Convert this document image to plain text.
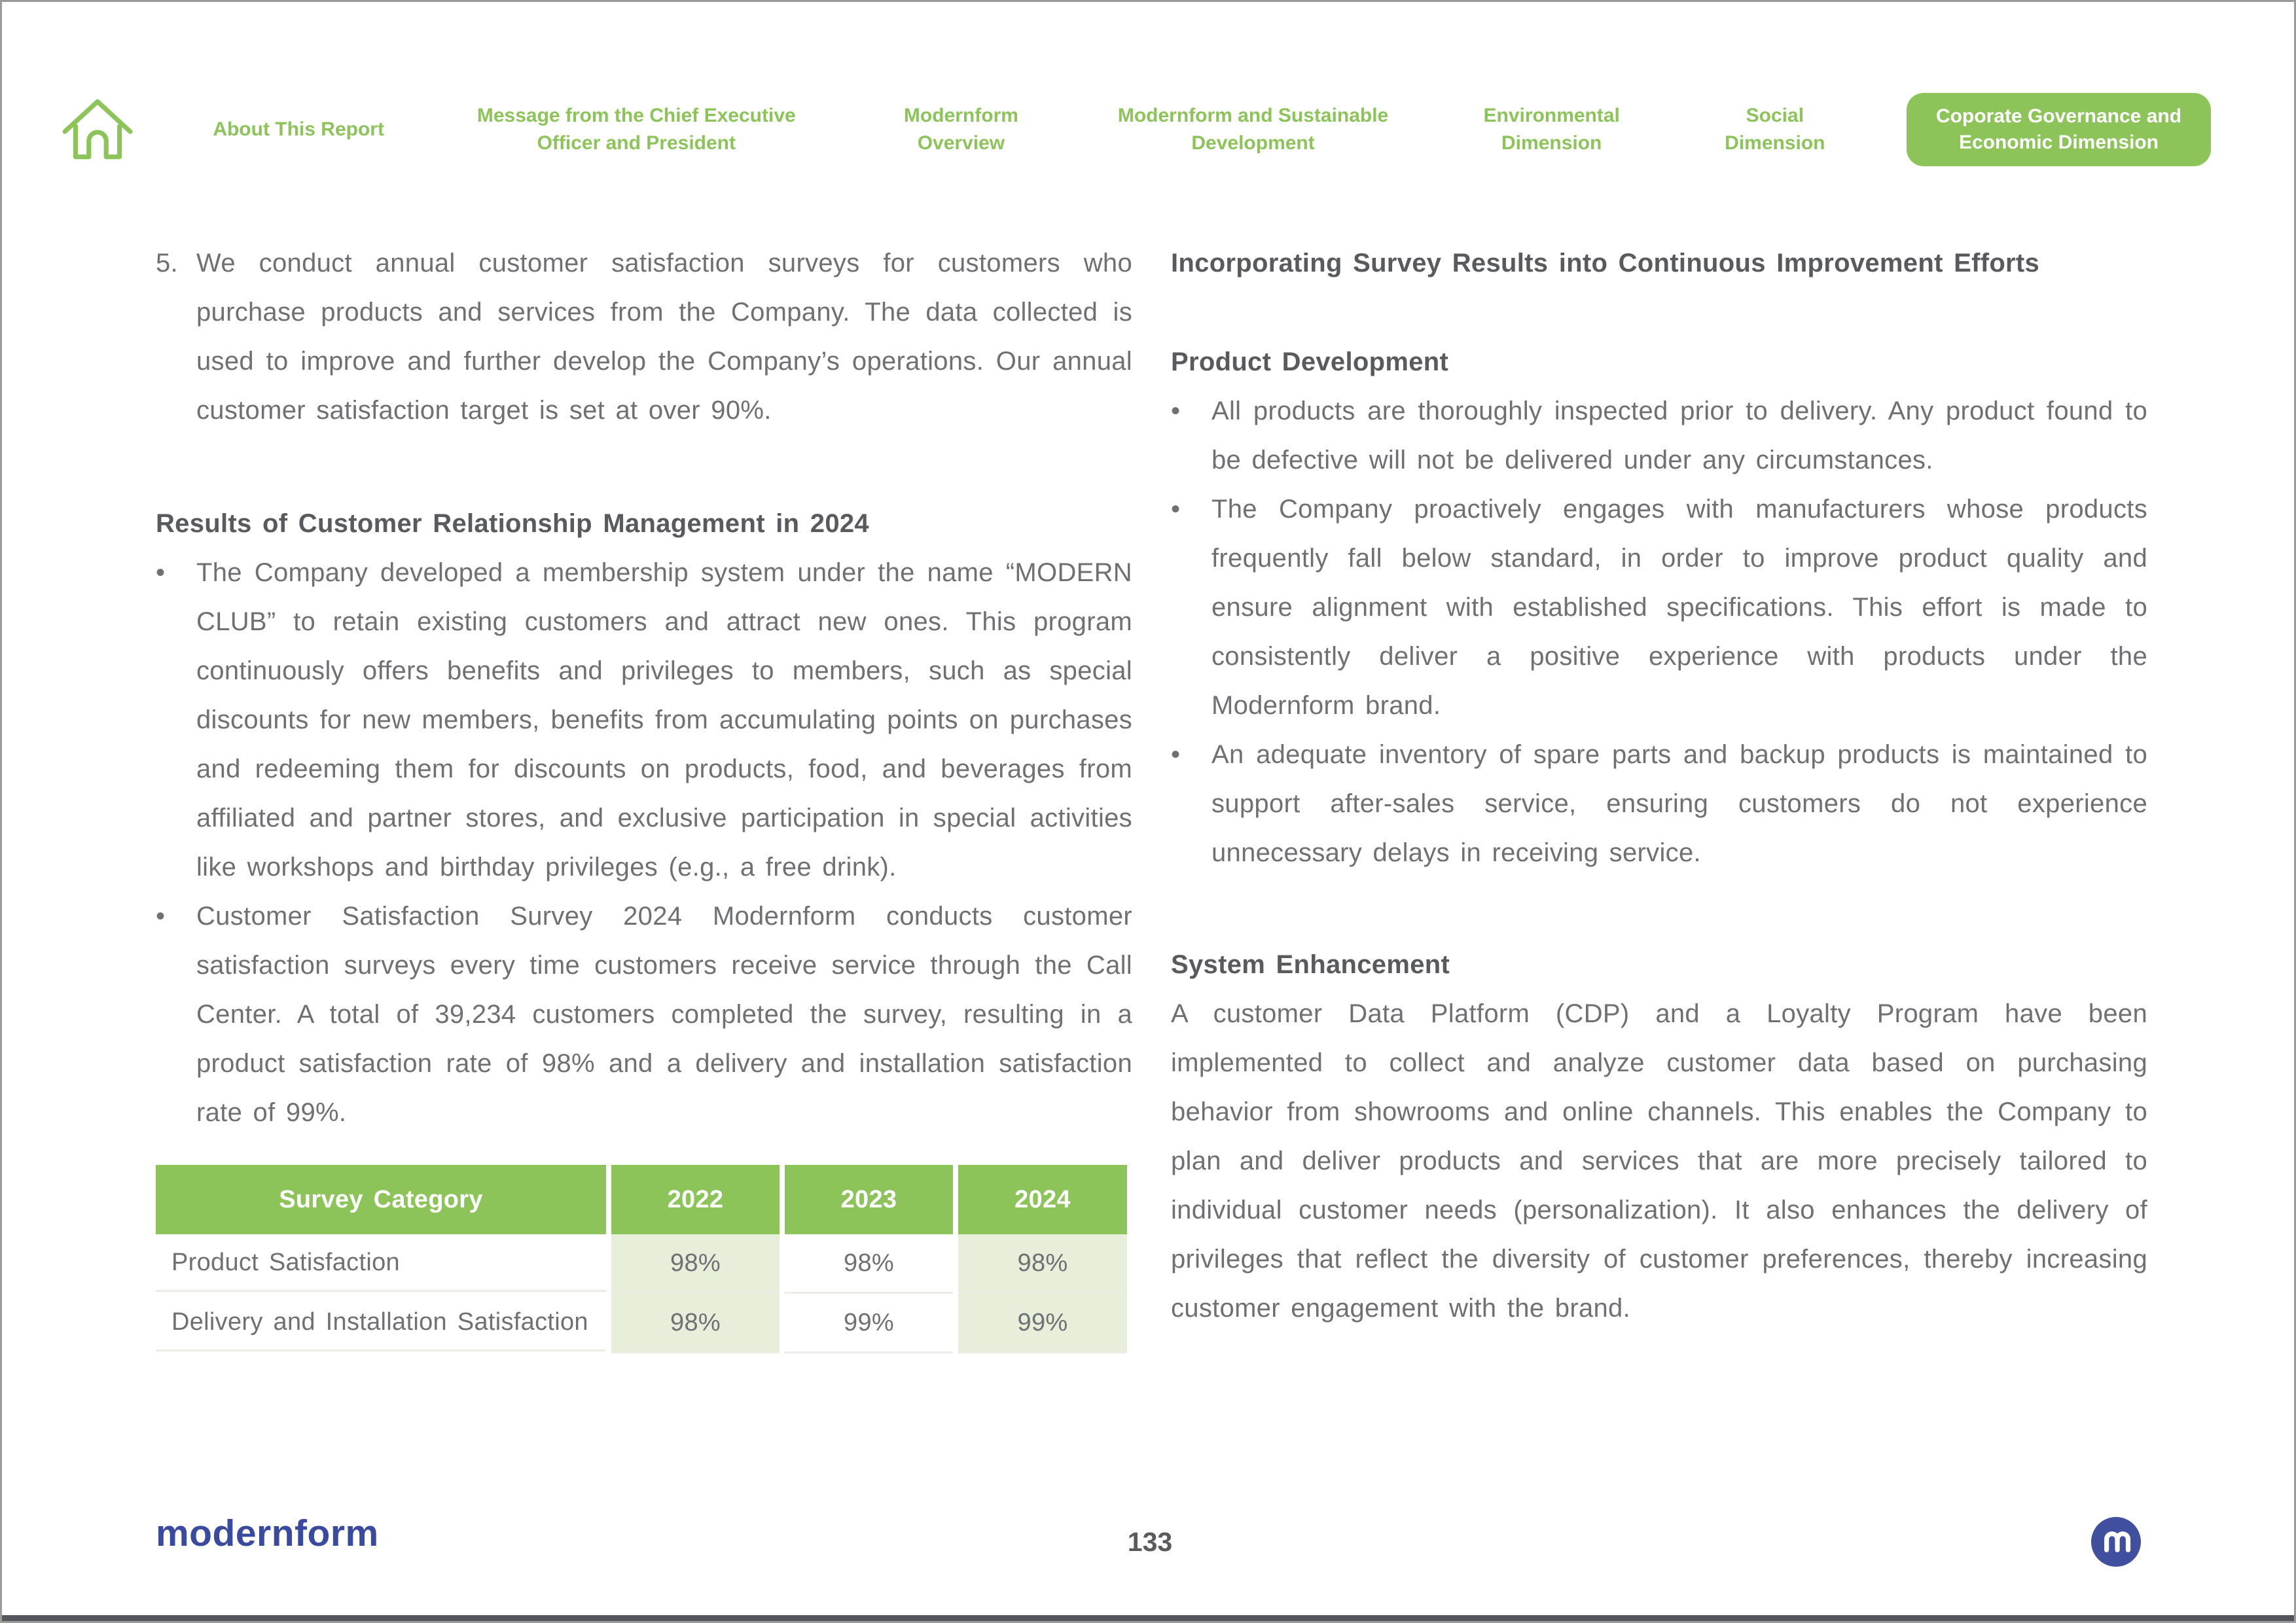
About This Report
Message from the Chief Executive Officer and President
Modernform Overview
Modernform and Sustainable Development
Environmental Dimension
Social Dimension
Coporate Governance and Economic Dimension
5. We conduct annual customer satisfaction surveys for customers who purchase products and services from the Company. The data collected is used to improve and further develop the Company’s operations. Our annual customer satisfaction target is set at over 90%.
Results of Customer Relationship Management in 2024
•	The Company developed a membership system under the name “MODERN CLUB” to retain existing customers and attract new ones. This program continuously offers benefits and privileges to members, such as special discounts for new members, benefits from accumulating points on purchases and redeeming them for discounts on products, food, and beverages from affiliated and partner stores, and exclusive participation in special activities like workshops and birthday privileges (e.g., a free drink).
•	Customer Satisfaction Survey 2024 Modernform conducts customer satisfaction surveys every time customers receive service through the Call Center. A total of 39,234 customers completed the survey, resulting in a product satisfaction rate of 98% and a delivery and installation satisfaction rate of 99%.
Survey Category	2022	2023	2024
Product Satisfaction	98%	98%	98%
Delivery and Installation Satisfaction	98%	99%	99%
Incorporating Survey Results into Continuous Improvement Efforts
Product Development
•	All products are thoroughly inspected prior to delivery. Any product found to be defective will not be delivered under any circumstances.
•	The Company proactively engages with manufacturers whose products frequently fall below standard, in order to improve product quality and ensure alignment with established specifications. This effort is made to consistently deliver a positive experience with products under the Modernform brand.
•	An adequate inventory of spare parts and backup products is maintained to support after-sales service, ensuring customers do not experience unnecessary delays in receiving service.
System Enhancement
A customer Data Platform (CDP) and a Loyalty Program have been implemented to collect and analyze customer data based on purchasing behavior from showrooms and online channels. This enables the Company to plan and deliver products and services that are more precisely tailored to individual customer needs (personalization). It also enhances the delivery of privileges that reflect the diversity of customer preferences, thereby increasing customer engagement with the brand.
modernform	133
